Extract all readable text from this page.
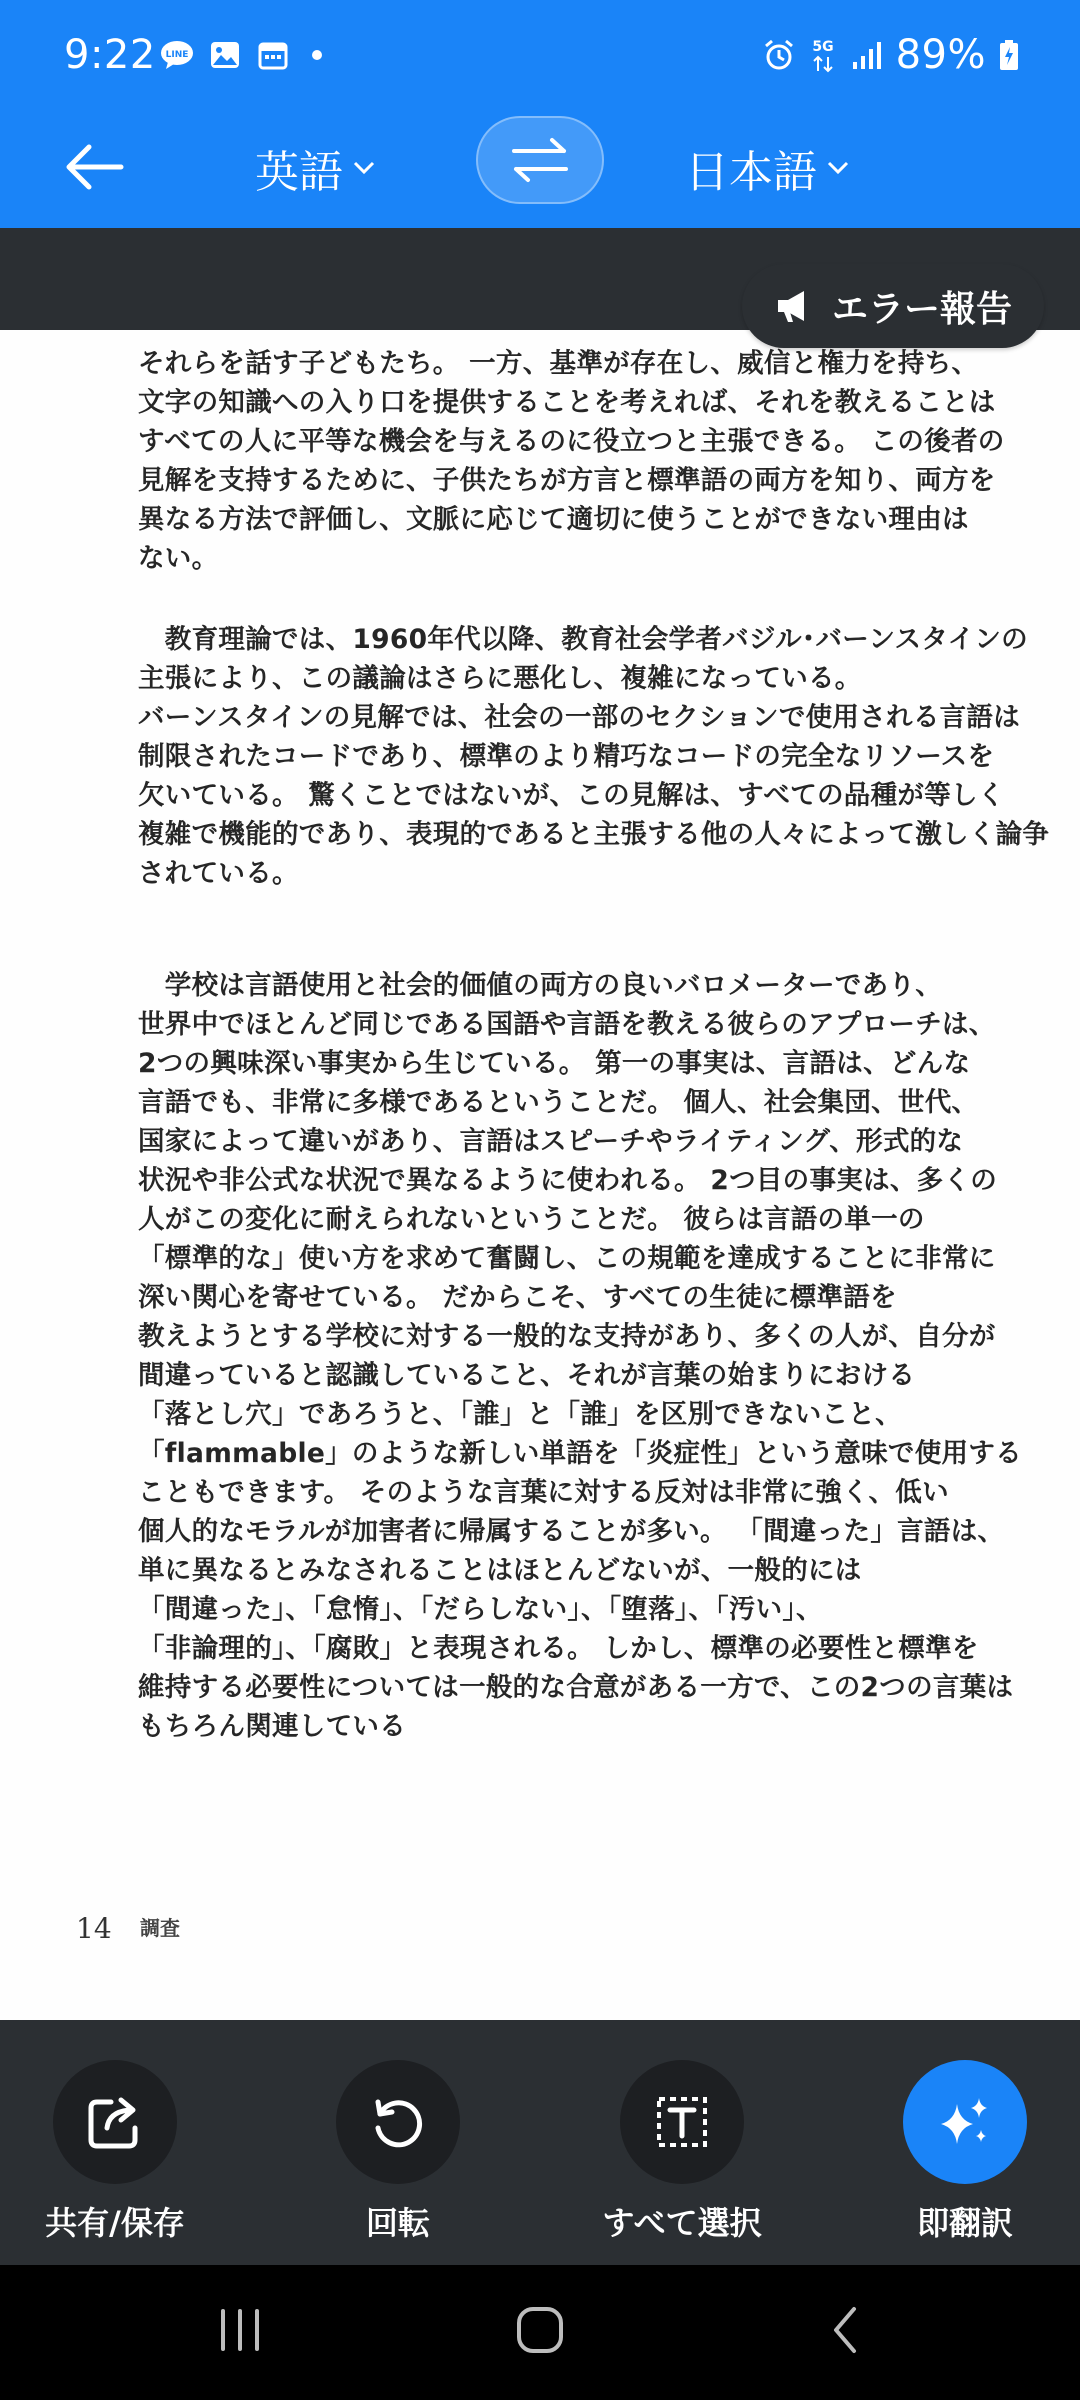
9:22 LINE	5G 89%
英語	日本語
それらを話す子どもたち。 一方、基準が存在し、威信と権力を持ち、
文字の知識への入り口を提供することを考えれば、それを教えることは
すべての人に平等な機会を与えるのに役立つと主張できる。 この後者の
見解を支持するために、子供たちが方言と標準語の両方を知り、両方を
異なる方法で評価し、文脈に応じて適切に使うことができない理由は
ない。
　教育理論では、1960年代以降、教育社会学者バジル･バーンスタインの
主張により、この議論はさらに悪化し、複雑になっている。
バーンスタインの見解では、社会の一部のセクションで使用される言語は
制限されたコードであり、標準のより精巧なコードの完全なリソースを
欠いている。 驚くことではないが、この見解は、すべての品種が等しく
複雑で機能的であり、表現的であると主張する他の人々によって激しく論争
されている。
　学校は言語使用と社会的価値の両方の良いバロメーターであり、
世界中でほとんど同じである国語や言語を教える彼らのアプローチは、
2つの興味深い事実から生じている。 第一の事実は、言語は、どんな
言語でも、非常に多様であるということだ。 個人、社会集団、世代、
国家によって違いがあり、言語はスピーチやライティング、形式的な
状況や非公式な状況で異なるように使われる。 2つ目の事実は、多くの
人がこの変化に耐えられないということだ。 彼らは言語の単一の
「標準的な」使い方を求めて奮闘し、この規範を達成することに非常に
深い関心を寄せている。 だからこそ、すべての生徒に標準語を
教えようとする学校に対する一般的な支持があり、多くの人が、自分が
間違っていると認識していること、それが言葉の始まりにおける
「落とし穴」であろうと、「誰」と「誰」を区別できないこと、
「flammable」のような新しい単語を「炎症性」という意味で使用する
こともできます。 そのような言葉に対する反対は非常に強く、低い
個人的なモラルが加害者に帰属することが多い。 「間違った」言語は、
単に異なるとみなされることはほとんどないが、一般的には
「間違った」、「怠惰」、「だらしない」、「堕落」、「汚い」、
「非論理的」、「腐敗」と表現される。 しかし、標準の必要性と標準を
維持する必要性については一般的な合意がある一方で、この2つの言葉は
もちろん関連している
14 調査
エラー報告
共有/保存	回転	すべて選択	即翻訳
